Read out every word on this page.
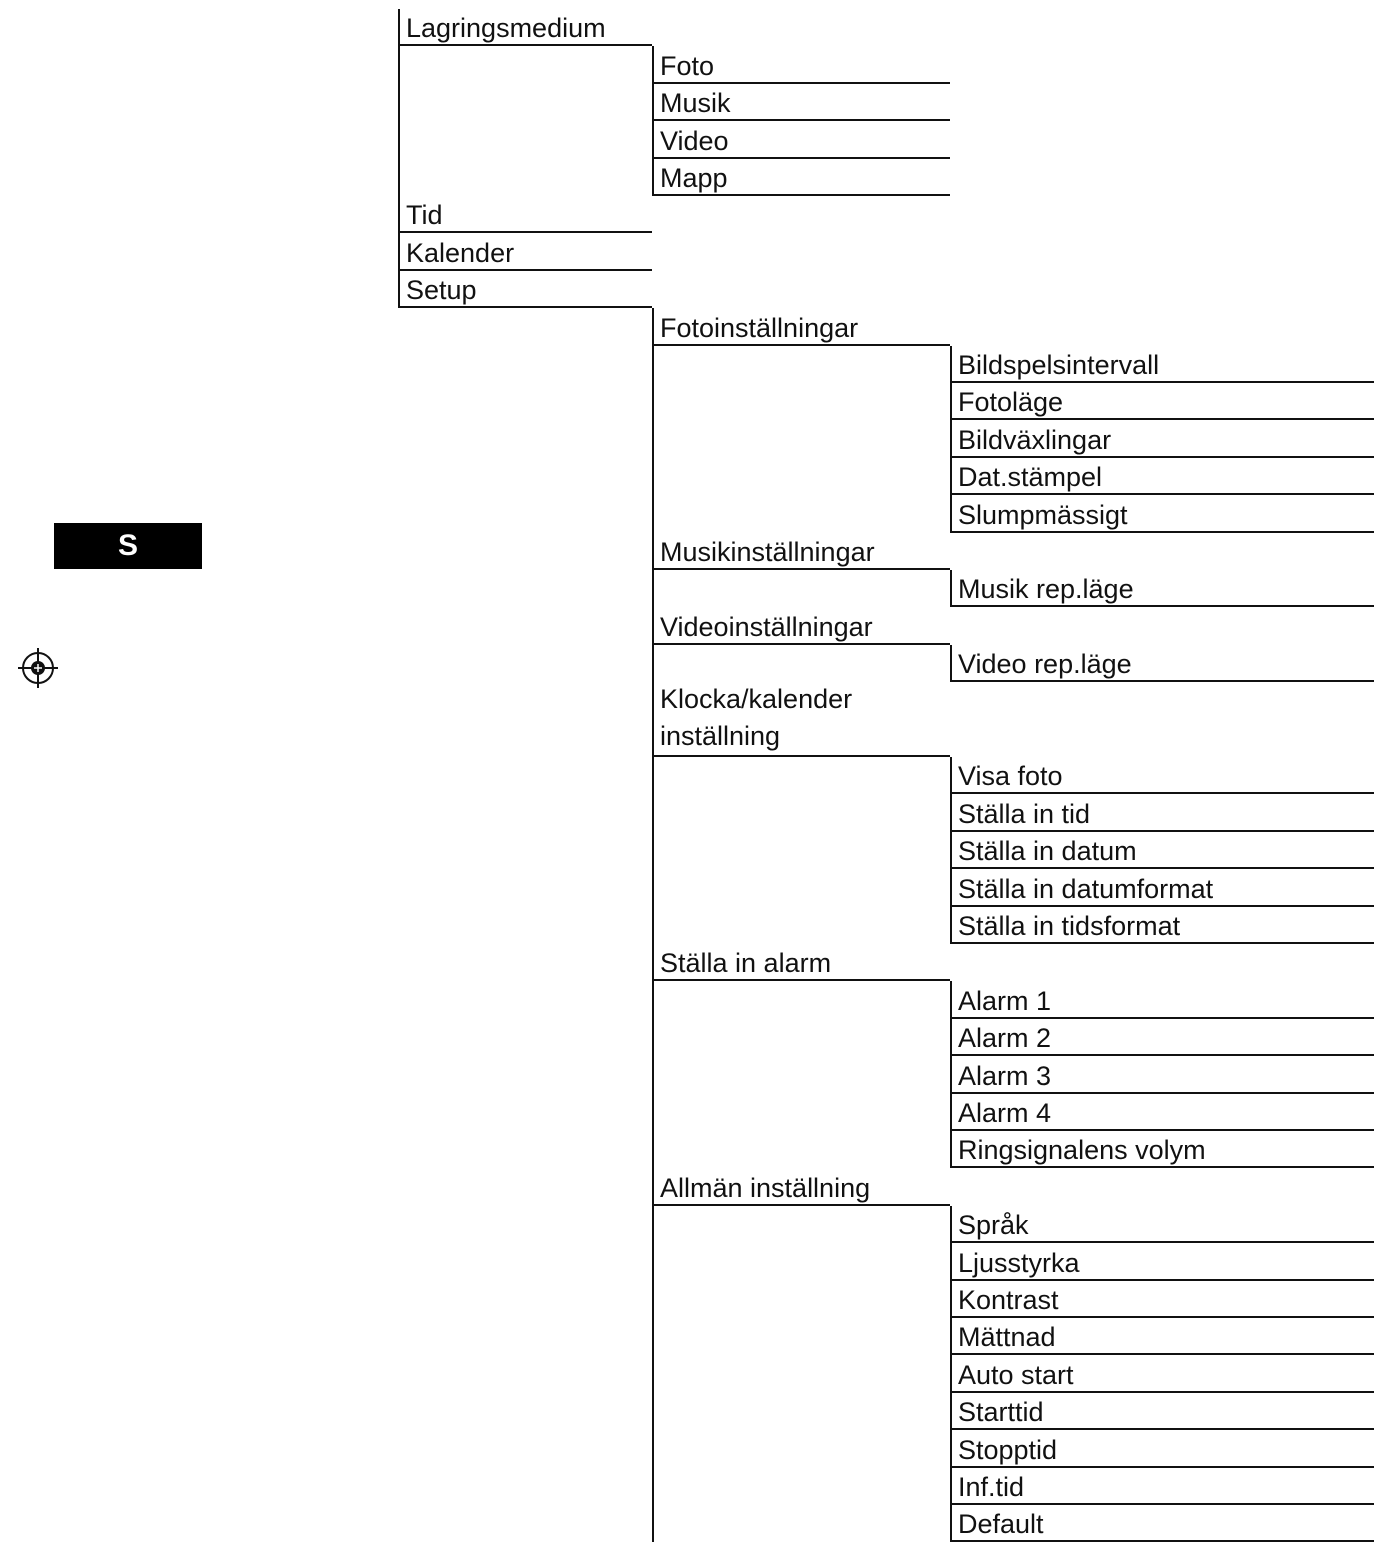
S
Lagringsmedium
Tid
Kalender
Setup
Foto
Musik
Video
Mapp
Fotoinställningar
Bildspelsintervall
Fotoläge
Bildväxlingar
Dat.stämpel
Slumpmässigt
Musikinställningar
Musik rep.läge
Videoinställningar
Video rep.läge
Klocka/kalender inställning
Visa foto
Ställa in tid
Ställa in datum
Ställa in datumformat
Ställa in tidsformat
Ställa in alarm
Alarm 1
Alarm 2
Alarm 3
Alarm 4
Ringsignalens volym
Allmän inställning
Språk
Ljusstyrka
Kontrast
Mättnad
Auto start
Starttid
Stopptid
Inf.tid
Default
